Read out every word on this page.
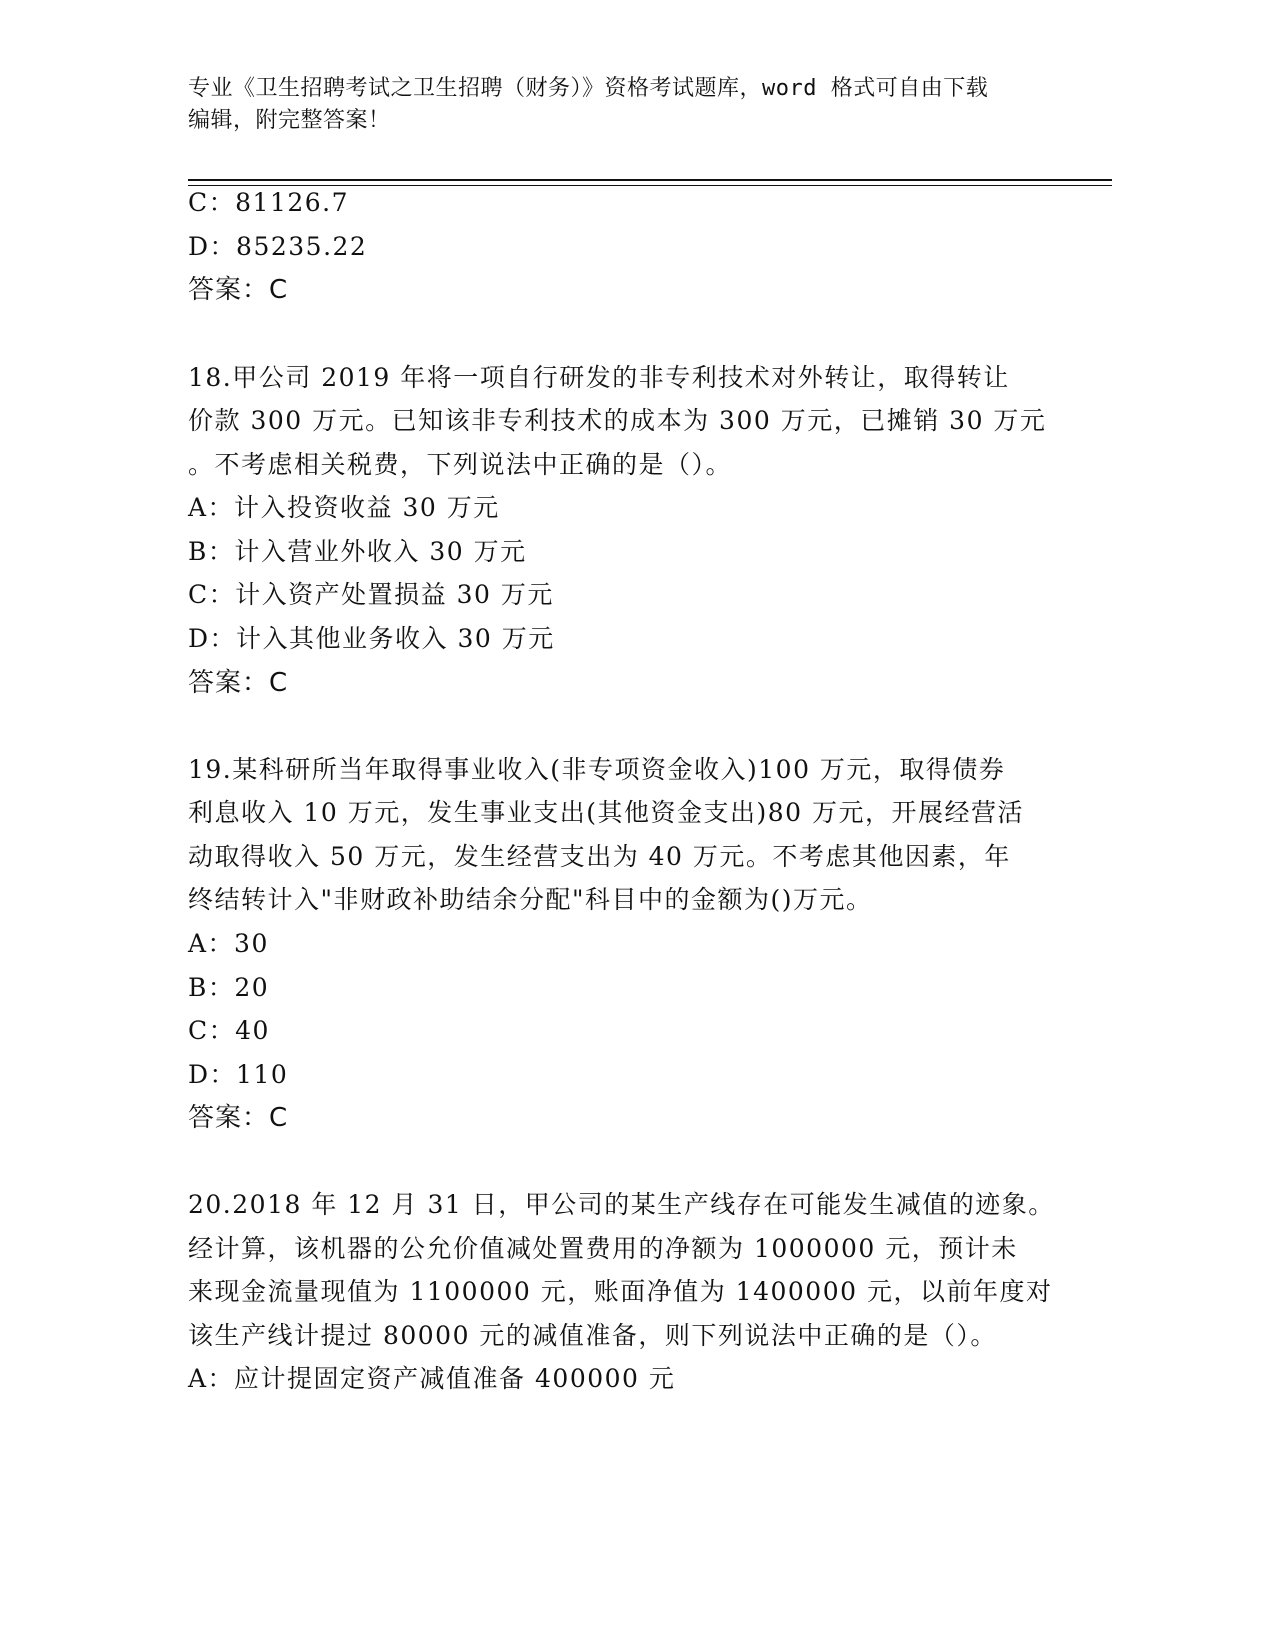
专业《卫生招聘考试之卫生招聘（财务）》资格考试题库，word 格式可自由下载
编辑，附完整答案！
C：81126.7
D：85235.22
答案：C
18.甲公司 2019 年将一项自行研发的非专利技术对外转让，取得转让
价款 300 万元。已知该非专利技术的成本为 300 万元，已摊销 30 万元
。不考虑相关税费，下列说法中正确的是（）。
A：计入投资收益 30 万元
B：计入营业外收入 30 万元
C：计入资产处置损益 30 万元
D：计入其他业务收入 30 万元
答案：C
19.某科研所当年取得事业收入(非专项资金收入)100 万元，取得债券
利息收入 10 万元，发生事业支出(其他资金支出)80 万元，开展经营活
动取得收入 50 万元，发生经营支出为 40 万元。不考虑其他因素，年
终结转计入"非财政补助结余分配"科目中的金额为()万元。
A：30
B：20
C：40
D：110
答案：C
20.2018 年 12 月 31 日，甲公司的某生产线存在可能发生减值的迹象。
经计算，该机器的公允价值减处置费用的净额为 1000000 元，预计未
来现金流量现值为 1100000 元，账面净值为 1400000 元，以前年度对
该生产线计提过 80000 元的减值准备，则下列说法中正确的是（）。
A：应计提固定资产减值准备 400000 元
